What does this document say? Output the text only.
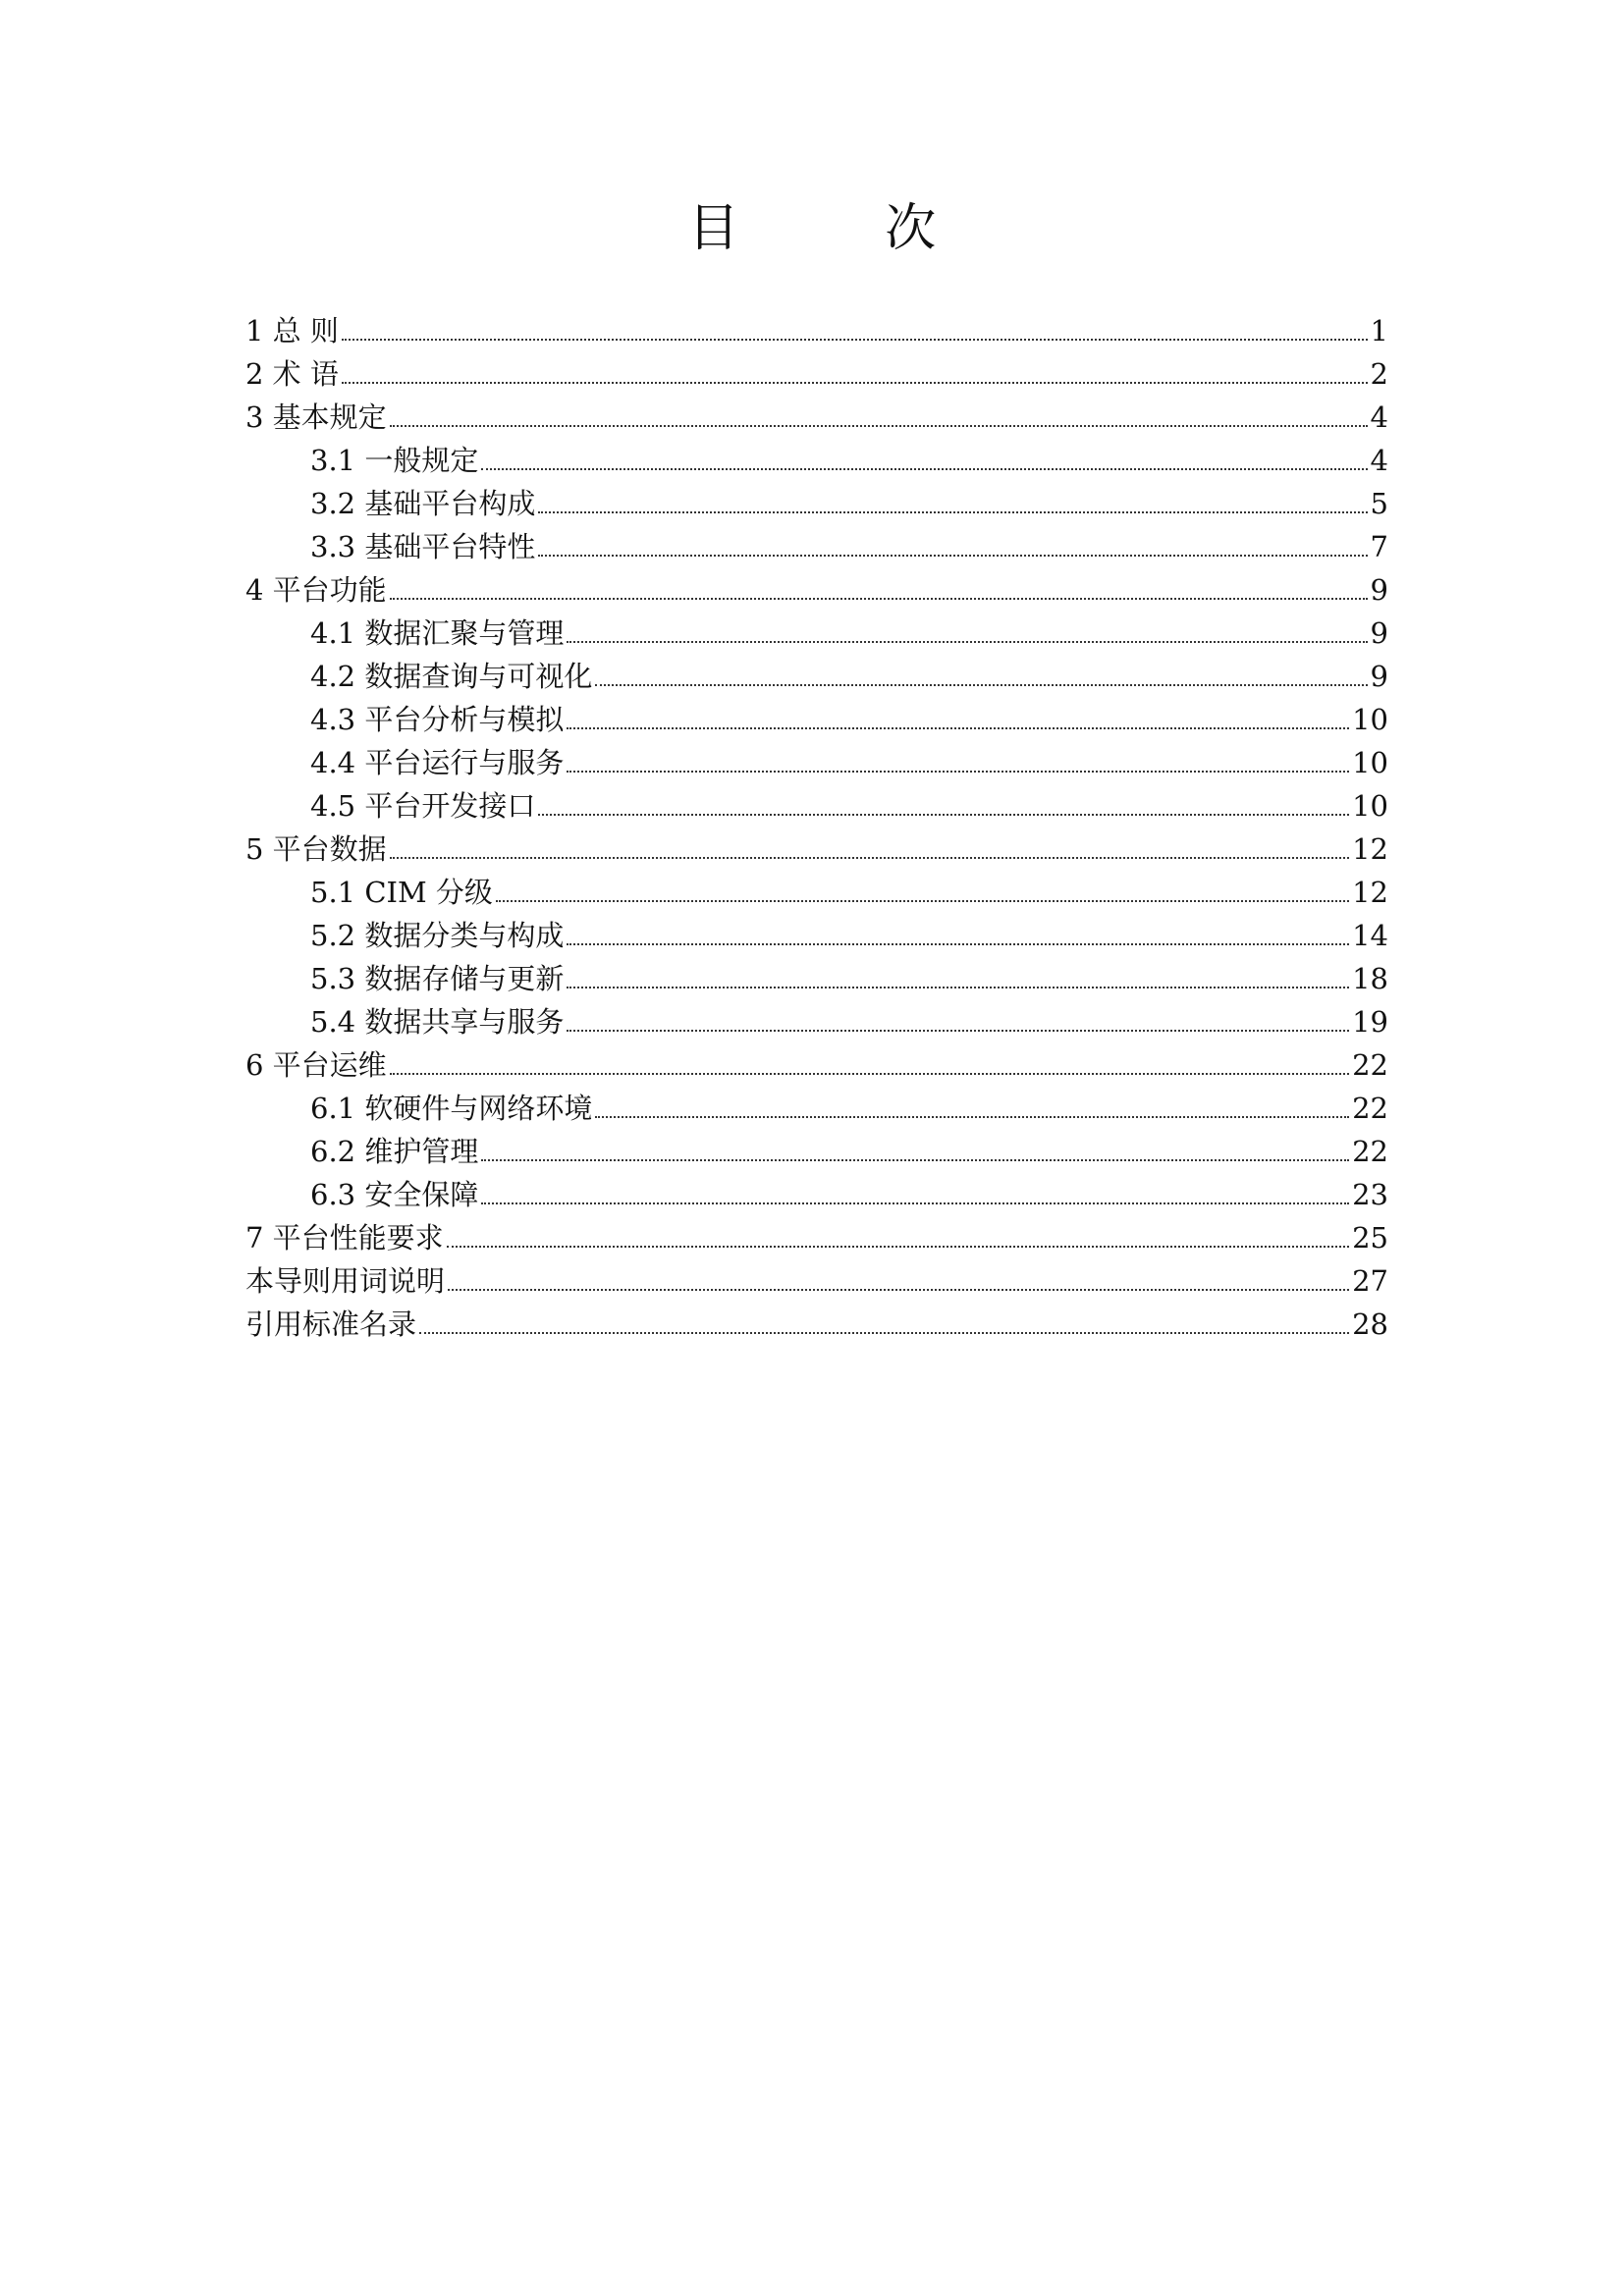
目 次
1 总 则	1
2 术 语	2
3 基本规定	4
3.1 一般规定	4
3.2 基础平台构成	5
3.3 基础平台特性	7
4 平台功能	9
4.1 数据汇聚与管理	9
4.2 数据查询与可视化	9
4.3 平台分析与模拟	10
4.4 平台运行与服务	10
4.5 平台开发接口	10
5 平台数据	12
5.1 CIM 分级	12
5.2 数据分类与构成	14
5.3 数据存储与更新	18
5.4 数据共享与服务	19
6 平台运维	22
6.1 软硬件与网络环境	22
6.2 维护管理	22
6.3 安全保障	23
7 平台性能要求	25
本导则用词说明	27
引用标准名录	28
